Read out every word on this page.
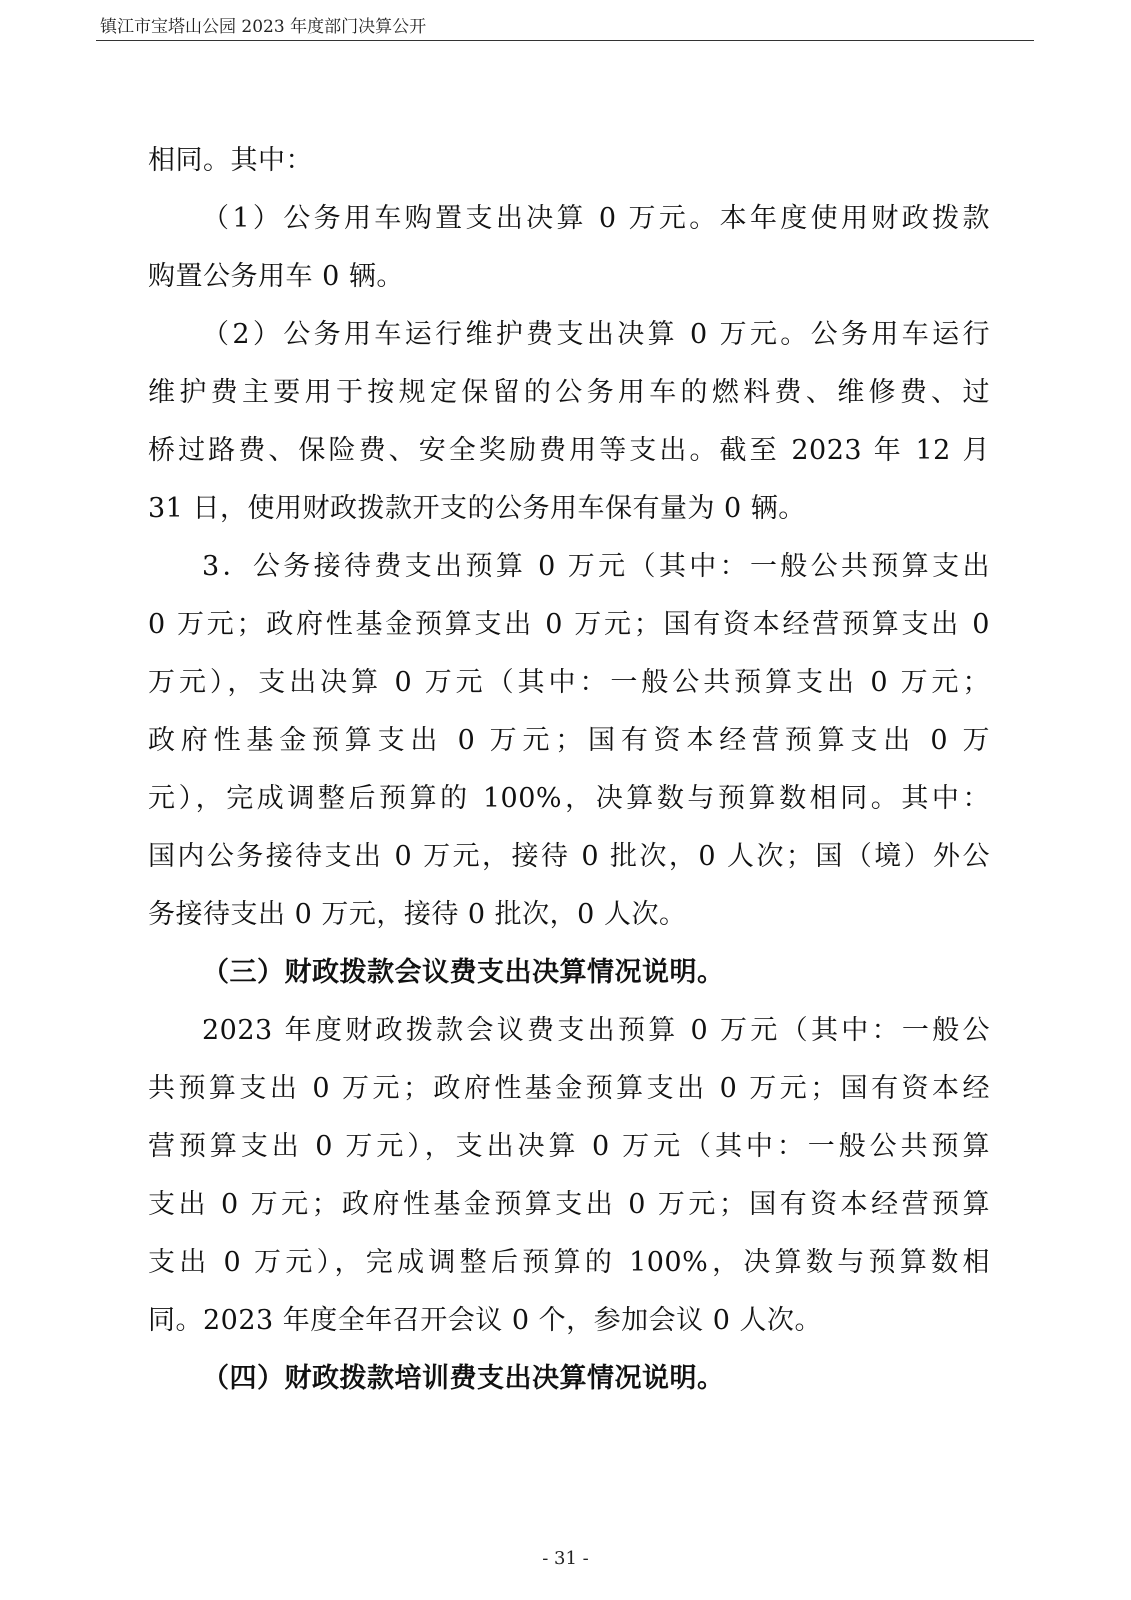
镇江市宝塔山公园 2023 年度部门决算公开
相同。其中：
（1）公务用车购置支出决算 0 万元。本年度使用财政拨款
购置公务用车 0 辆。
（2）公务用车运行维护费支出决算 0 万元。公务用车运行
维护费主要用于按规定保留的公务用车的燃料费、维修费、过
桥过路费、保险费、安全奖励费用等支出。截至 2023 年 12 月
31 日，使用财政拨款开支的公务用车保有量为 0 辆。
3．公务接待费支出预算 0 万元（其中：一般公共预算支出
0 万元；政府性基金预算支出 0 万元；国有资本经营预算支出 0
万元），支出决算 0 万元（其中：一般公共预算支出 0 万元；
政府性基金预算支出 0 万元；国有资本经营预算支出 0 万
元），完成调整后预算的 100%，决算数与预算数相同。其中：
国内公务接待支出 0 万元，接待 0 批次，0 人次；国（境）外公
务接待支出 0 万元，接待 0 批次，0 人次。
（三）财政拨款会议费支出决算情况说明。
2023 年度财政拨款会议费支出预算 0 万元（其中：一般公
共预算支出 0 万元；政府性基金预算支出 0 万元；国有资本经
营预算支出 0 万元），支出决算 0 万元（其中：一般公共预算
支出 0 万元；政府性基金预算支出 0 万元；国有资本经营预算
支出 0 万元），完成调整后预算的 100%，决算数与预算数相
同。2023 年度全年召开会议 0 个，参加会议 0 人次。
（四）财政拨款培训费支出决算情况说明。
- 31 -
